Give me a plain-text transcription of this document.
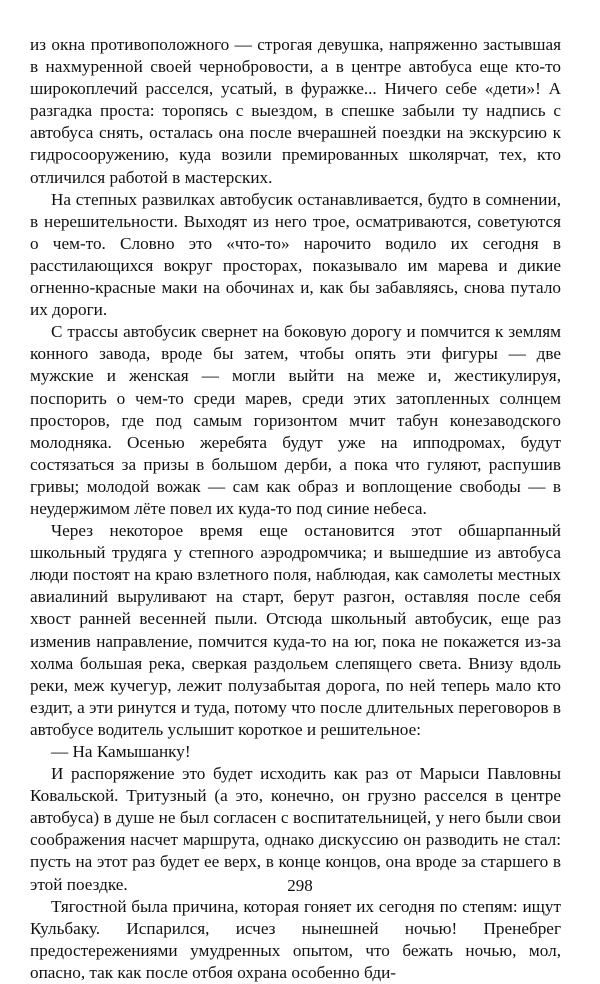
из окна противоположного — строгая девушка, напряженно застывшая в нахмуренной своей чернобровости, а в центре автобуса еще кто-то широкоплечий расселся, усатый, в фуражке... Ничего себе «дети»! А разгадка проста: торопясь с выездом, в спешке забыли ту надпись с автобуса снять, осталась она после вчерашней поездки на экскурсию к гидросооружению, куда возили премированных школярчат, тех, кто отличился работой в мастерских.

На степных развилках автобусик останавливается, будто в сомнении, в нерешительности. Выходят из него трое, осматриваются, советуются о чем-то. Словно это «что-то» нарочито водило их сегодня в расстилающихся вокруг просторах, показывало им марева и дикие огненно-красные маки на обочинах и, как бы забавляясь, снова путало их дороги.

С трассы автобусик свернет на боковую дорогу и помчится к землям конного завода, вроде бы затем, чтобы опять эти фигуры — две мужские и женская — могли выйти на меже и, жестикулируя, поспорить о чем-то среди марев, среди этих затопленных солнцем просторов, где под самым горизонтом мчит табун конезаводского молодняка. Осенью жеребята будут уже на ипподромах, будут состязаться за призы в большом дерби, а пока что гуляют, распушив гривы; молодой вожак — сам как образ и воплощение свободы — в неудержимом лёте повел их куда-то под синие небеса.

Через некоторое время еще остановится этот обшарпанный школьный трудяга у степного аэродромчика; и вышедшие из автобуса люди постоят на краю взлетного поля, наблюдая, как самолеты местных авиалиний выруливают на старт, берут разгон, оставляя после себя хвост ранней весенней пыли. Отсюда школьный автобусик, еще раз изменив направление, помчится куда-то на юг, пока не покажется из-за холма большая река, сверкая раздольем слепящего света. Внизу вдоль реки, меж кучегур, лежит полузабытая дорога, по ней теперь мало кто ездит, а эти ринутся и туда, потому что после длительных переговоров в автобусе водитель услышит короткое и решительное:

— На Камышанку!

И распоряжение это будет исходить как раз от Марыси Павловны Ковальской. Тритузный (а это, конечно, он грузно расселся в центре автобуса) в душе не был согласен с воспитательницей, у него были свои соображения насчет маршрута, однако дискуссию он разводить не стал: пусть на этот раз будет ее верх, в конце концов, она вроде за старшего в этой поездке.

Тягостной была причина, которая гоняет их сегодня по степям: ищут Кульбаку. Испарился, исчез нынешней ночью! Пренебрег предостережениями умудренных опытом, что бежать ночью, мол, опасно, так как после отбоя охрана особенно бди-

298
